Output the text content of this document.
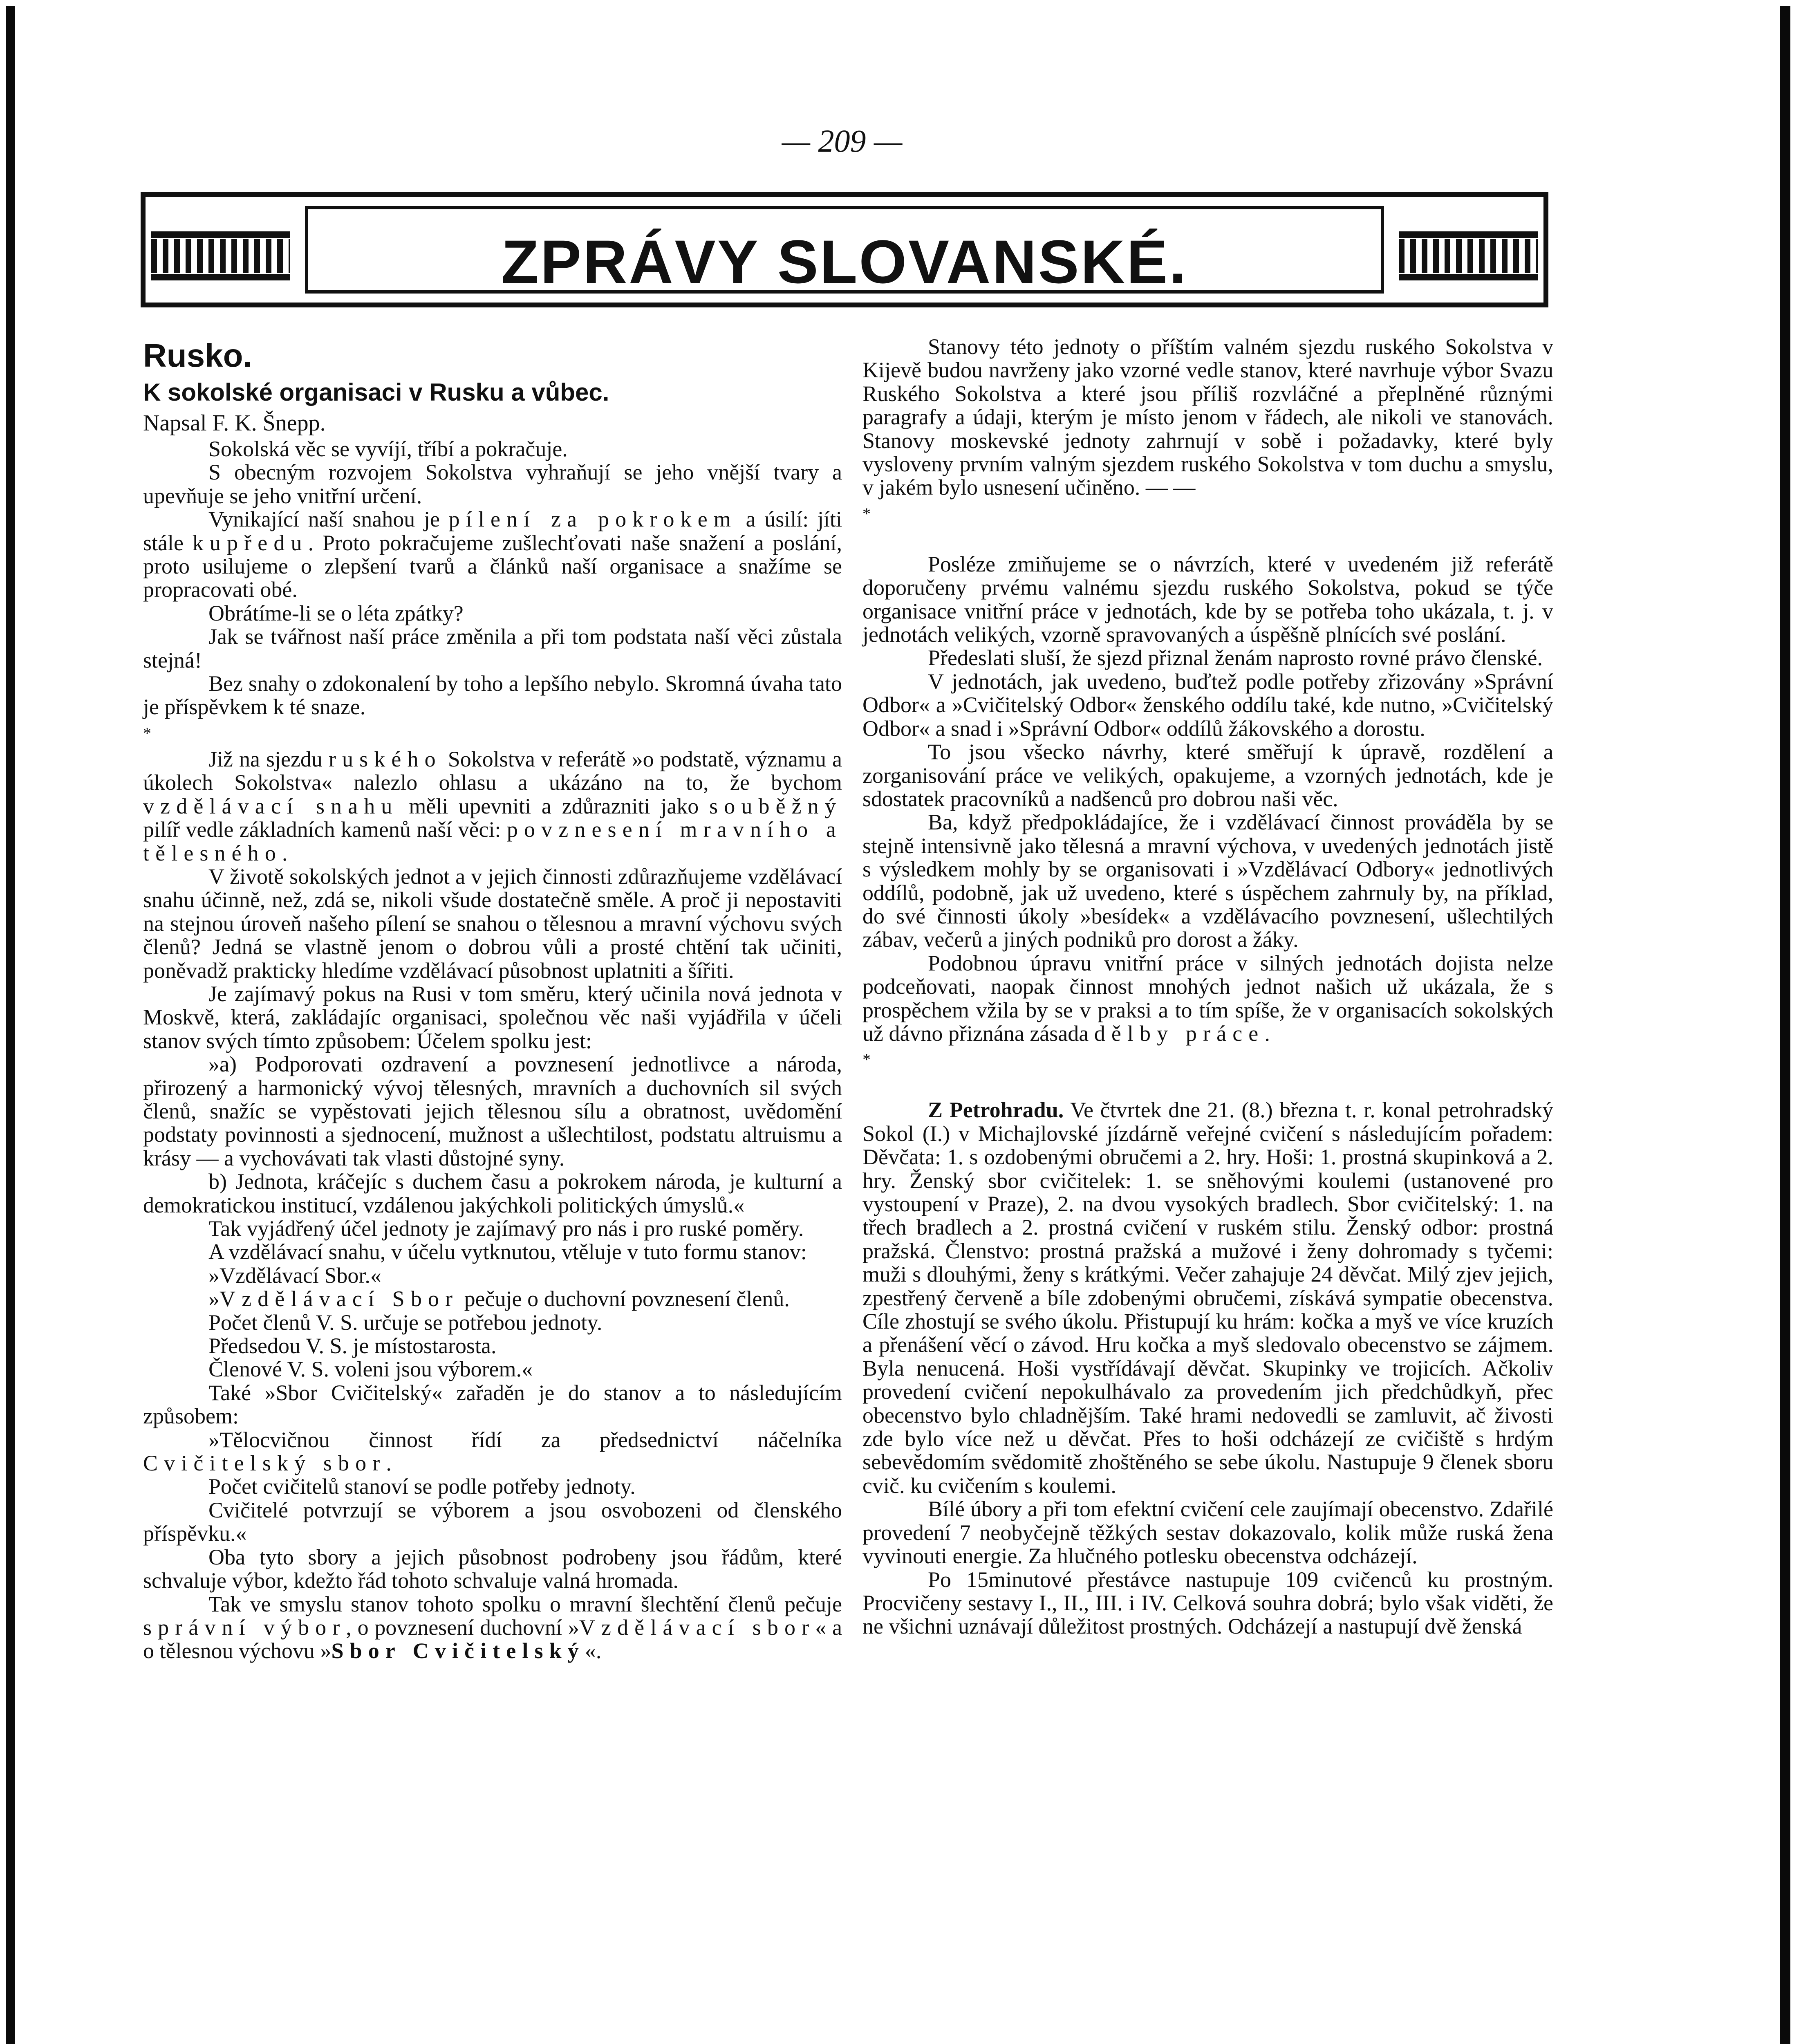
— 209 —
ZPRÁVY SLOVANSKÉ.

Rusko.

K sokolské organisaci v Rusku a vůbec.

Napsal F. K. Šnepp.

Sokolská věc se vyvíjí, tříbí a pokračuje.

S obecným rozvojem Sokolstva vyhraňují se jeho vnější tvary a upevňuje se jeho vnitřní určení.

Vynikající naší snahou je pílení za pokrokem a úsilí: jíti stále kupředu. Proto pokračujeme zušlechťovati naše snažení a poslání, proto usilujeme o zlepšení tvarů a článků naší organisace a snažíme se propracovati obé.

Obrátíme-li se o léta zpátky?

Jak se tvářnost naší práce změnila a při tom podstata naší věci zůstala stejná!

Bez snahy o zdokonalení by toho a lepšího nebylo. Skromná úvaha tato je příspěvkem k té snaze.

*

Již na sjezdu ruského Sokolstva v referátě »o podstatě, významu a úkolech Sokolstva« nalezlo ohlasu a ukázáno na to, že bychom vzdělávací snahu měli upevniti a zdůrazniti jako souběžný pilíř vedle základních kamenů naší věci: povznesení mravního a tělesného.

V životě sokolských jednot a v jejich činnosti zdůrazňujeme vzdělávací snahu účinně, než, zdá se, nikoli všude dostatečně směle. A proč ji nepostaviti na stejnou úroveň našeho pílení se snahou o tělesnou a mravní výchovu svých členů? Jedná se vlastně jenom o dobrou vůli a prosté chtění tak učiniti, poněvadž prakticky hledíme vzdělávací působnost uplatniti a šířiti.

Je zajímavý pokus na Rusi v tom směru, který učinila nová jednota v Moskvě, která, zakládajíc organisaci, společnou věc naši vyjádřila v účeli stanov svých tímto způsobem: Účelem spolku jest:

»a) Podporovati ozdravení a povznesení jednotlivce a národa, přirozený a harmonický vývoj tělesných, mravních a duchovních sil svých členů, snažíc se vypěstovati jejich tělesnou sílu a obratnost, uvědomění podstaty povinnosti a sjednocení, mužnost a ušlechtilost, podstatu altruismu a krásy — a vychovávati tak vlasti důstojné syny.

b) Jednota, kráčejíc s duchem času a pokrokem národa, je kulturní a demokratickou institucí, vzdálenou jakýchkoli politických úmyslů.«

Tak vyjádřený účel jednoty je zajímavý pro nás i pro ruské poměry.

A vzdělávací snahu, v účelu vytknutou, vtěluje v tuto formu stanov:

»Vzdělávací Sbor.«

»Vzdělávací Sbor pečuje o duchovní povznesení členů.

Počet členů V. S. určuje se potřebou jednoty.

Předsedou V. S. je místostarosta.

Členové V. S. voleni jsou výborem.«

Také »Sbor Cvičitelský« zařaděn je do stanov a to následujícím způsobem:

»Tělocvičnou činnost řídí za předsednictví náčelníka Cvičitelský sbor.

Počet cvičitelů stanoví se podle potřeby jednoty.

Cvičitelé potvrzují se výborem a jsou osvobozeni od členského příspěvku.«

Oba tyto sbory a jejich působnost podrobeny jsou řádům, které schvaluje výbor, kdežto řád tohoto schvaluje valná hromada.

Tak ve smyslu stanov tohoto spolku o mravní šlechtění členů pečuje správní výbor, o povznesení duchovní »Vzdělávací sbor« a o tělesnou výchovu »Sbor Cvičitelský«.

Stanovy této jednoty o příštím valném sjezdu ruského Sokolstva v Kijevě budou navrženy jako vzorné vedle stanov, které navrhuje výbor Svazu Ruského Sokolstva a které jsou příliš rozvláčné a přeplněné různými paragrafy a údaji, kterým je místo jenom v řádech, ale nikoli ve stanovách. Stanovy moskevské jednoty zahrnují v sobě i požadavky, které byly vysloveny prvním valným sjezdem ruského Sokolstva v tom duchu a smyslu, v jakém bylo usnesení učiněno. — —

*

Posléze zmiňujeme se o návrzích, které v uvedeném již referátě doporučeny prvému valnému sjezdu ruského Sokolstva, pokud se týče organisace vnitřní práce v jednotách, kde by se potřeba toho ukázala, t. j. v jednotách velikých, vzorně spravovaných a úspěšně plnících své poslání.

Předeslati sluší, že sjezd přiznal ženám naprosto rovné právo členské.

V jednotách, jak uvedeno, buďtež podle potřeby zřizovány »Správní Odbor« a »Cvičitelský Odbor« ženského oddílu také, kde nutno, »Cvičitelský Odbor« a snad i »Správní Odbor« oddílů žákovského a dorostu.

To jsou všecko návrhy, které směřují k úpravě, rozdělení a zorganisování práce ve velikých, opakujeme, a vzorných jednotách, kde je sdostatek pracovníků a nadšenců pro dobrou naši věc.

Ba, když předpokládajíce, že i vzdělávací činnost prováděla by se stejně intensivně jako tělesná a mravní výchova, v uvedených jednotách jistě s výsledkem mohly by se organisovati i »Vzdělávací Odbory« jednotlivých oddílů, podobně, jak už uvedeno, které s úspěchem zahrnuly by, na příklad, do své činnosti úkoly »besídek« a vzdělávacího povznesení, ušlechtilých zábav, večerů a jiných podniků pro dorost a žáky.

Podobnou úpravu vnitřní práce v silných jednotách dojista nelze podceňovati, naopak činnost mnohých jednot našich už ukázala, že s prospěchem vžila by se v praksi a to tím spíše, že v organisacích sokolských už dávno přiznána zásada dělby práce.

*

Z Petrohradu. Ve čtvrtek dne 21. (8.) března t. r. konal petrohradský Sokol (I.) v Michajlovské jízdárně veřejné cvičení s následujícím pořadem: Děvčata: 1. s ozdobenými obručemi a 2. hry. Hoši: 1. prostná skupinková a 2. hry. Ženský sbor cvičitelek: 1. se sněhovými koulemi (ustanovené pro vystoupení v Praze), 2. na dvou vysokých bradlech. Sbor cvičitelský: 1. na třech bradlech a 2. prostná cvičení v ruském stilu. Ženský odbor: prostná pražská. Členstvo: prostná pražská a mužové i ženy dohromady s tyčemi: muži s dlouhými, ženy s krátkými. Večer zahajuje 24 děvčat. Milý zjev jejich, zpestřený červeně a bíle zdobenými obručemi, získává sympatie obecenstva. Cíle zhostují se svého úkolu. Přistupují ku hrám: kočka a myš ve více kruzích a přenášení věcí o závod. Hru kočka a myš sledovalo obecenstvo se zájmem. Byla nenucená. Hoši vystřídávají děvčat. Skupinky ve trojicích. Ačkoliv provedení cvičení nepokulhávalo za provedením jich předchůdkyň, přec obecenstvo bylo chladnějším. Také hrami nedovedli se zamluvit, ač živosti zde bylo více než u děvčat. Přes to hoši odcházejí ze cvičiště s hrdým sebevědomím svědomitě zhoštěného se sebe úkolu. Nastupuje 9 členek sboru cvič. ku cvičením s koulemi.

Bílé úbory a při tom efektní cvičení cele zaujímají obecenstvo. Zdařilé provedení 7 neobyčejně těžkých sestav dokazovalo, kolik může ruská žena vyvinouti energie. Za hlučného potlesku obecenstva odcházejí.

Po 15minutové přestávce nastupuje 109 cvičenců ku prostným. Procvičeny sestavy I., II., III. i IV. Celková souhra dobrá; bylo však viděti, že ne všichni uznávají důležitost prostných. Odcházejí a nastupují dvě ženská
